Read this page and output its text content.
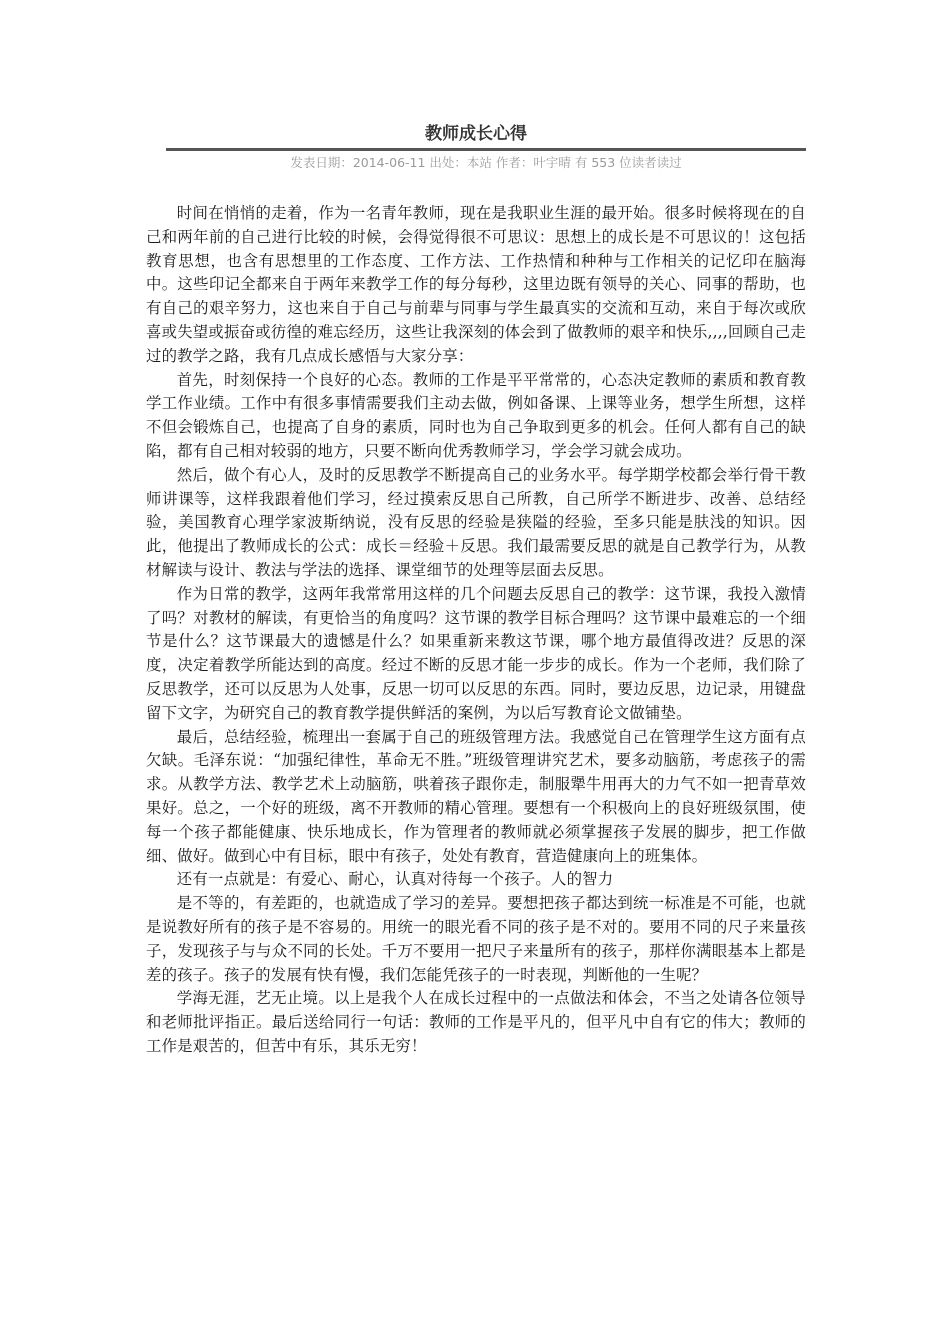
教师成长心得
发表日期：2014-06-11 出处：本站 作者：叶宇晴 有 553 位读者读过

时间在悄悄的走着，作为一名青年教师，现在是我职业生涯的最开始。很多时候将现在的自己和两年前的自己进行比较的时候，会得觉得很不可思议：思想上的成长是不可思议的！这包括教育思想，也含有思想里的工作态度、工作方法、工作热情和种种与工作相关的记忆印在脑海中。这些印记全都来自于两年来教学工作的每分每秒，这里边既有领导的关心、同事的帮助，也有自己的艰辛努力，这也来自于自己与前辈与同事与学生最真实的交流和互动，来自于每次或欣喜或失望或振奋或彷徨的难忘经历，这些让我深刻的体会到了做教师的艰辛和快乐,,,,回顾自己走过的教学之路，我有几点成长感悟与大家分享：

首先，时刻保持一个良好的心态。教师的工作是平平常常的，心态决定教师的素质和教育教学工作业绩。工作中有很多事情需要我们主动去做，例如备课、上课等业务，想学生所想，这样不但会锻炼自己，也提高了自身的素质，同时也为自己争取到更多的机会。任何人都有自己的缺陷，都有自己相对较弱的地方，只要不断向优秀教师学习，学会学习就会成功。

然后，做个有心人，及时的反思教学不断提高自己的业务水平。每学期学校都会举行骨干教师讲课等，这样我跟着他们学习，经过摸索反思自己所教，自己所学不断进步、改善、总结经验，美国教育心理学家波斯纳说，没有反思的经验是狭隘的经验，至多只能是肤浅的知识。因此，他提出了教师成长的公式：成长＝经验＋反思。我们最需要反思的就是自己教学行为，从教材解读与设计、教法与学法的选择、课堂细节的处理等层面去反思。

作为日常的教学，这两年我常常用这样的几个问题去反思自己的教学：这节课，我投入激情了吗？对教材的解读，有更恰当的角度吗？这节课的教学目标合理吗？这节课中最难忘的一个细节是什么？这节课最大的遗憾是什么？如果重新来教这节课，哪个地方最值得改进？反思的深度，决定着教学所能达到的高度。经过不断的反思才能一步步的成长。作为一个老师，我们除了反思教学，还可以反思为人处事，反思一切可以反思的东西。同时，要边反思，边记录，用键盘留下文字，为研究自己的教育教学提供鲜活的案例，为以后写教育论文做铺垫。

最后，总结经验，梳理出一套属于自己的班级管理方法。我感觉自己在管理学生这方面有点欠缺。毛泽东说：“加强纪律性，革命无不胜。”班级管理讲究艺术，要多动脑筋，考虑孩子的需求。从教学方法、教学艺术上动脑筋，哄着孩子跟你走，制服犟牛用再大的力气不如一把青草效果好。总之，一个好的班级，离不开教师的精心管理。要想有一个积极向上的良好班级氛围，使每一个孩子都能健康、快乐地成长，作为管理者的教师就必须掌握孩子发展的脚步，把工作做细、做好。做到心中有目标，眼中有孩子，处处有教育，营造健康向上的班集体。

还有一点就是：有爱心、耐心，认真对待每一个孩子。人的智力

是不等的，有差距的，也就造成了学习的差异。要想把孩子都达到统一标准是不可能，也就是说教好所有的孩子是不容易的。用统一的眼光看不同的孩子是不对的。要用不同的尺子来量孩子，发现孩子与与众不同的长处。千万不要用一把尺子来量所有的孩子，那样你满眼基本上都是差的孩子。孩子的发展有快有慢，我们怎能凭孩子的一时表现，判断他的一生呢？

学海无涯，艺无止境。以上是我个人在成长过程中的一点做法和体会，不当之处请各位领导和老师批评指正。最后送给同行一句话：教师的工作是平凡的，但平凡中自有它的伟大；教师的工作是艰苦的，但苦中有乐，其乐无穷！
